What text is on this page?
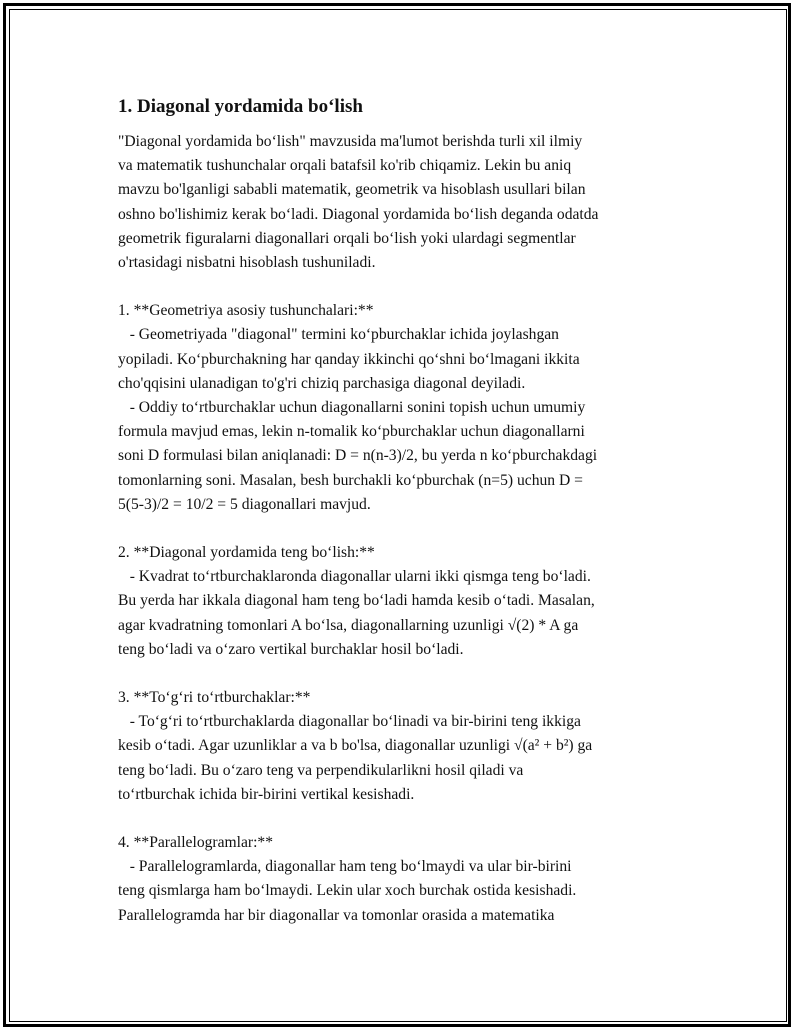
1. Diagonal yordamida bo‘lish

"Diagonal yordamida bo‘lish" mavzusida ma'lumot berishda turli xil ilmiy
va matematik tushunchalar orqali batafsil ko'rib chiqamiz. Lekin bu aniq
mavzu bo'lganligi sababli matematik, geometrik va hisoblash usullari bilan
oshno bo'lishimiz kerak bo‘ladi. Diagonal yordamida bo‘lish deganda odatda
geometrik figuralarni diagonallari orqali bo‘lish yoki ulardagi segmentlar
o'rtasidagi nisbatni hisoblash tushuniladi.

1. **Geometriya asosiy tushunchalari:**
- Geometriyada "diagonal" termini ko‘pburchaklar ichida joylashgan
yopiladi. Ko‘pburchakning har qanday ikkinchi qo‘shni bo‘lmagani ikkita
cho'qqisini ulanadigan to'g'ri chiziq parchasiga diagonal deyiladi.
- Oddiy to‘rtburchaklar uchun diagonallarni sonini topish uchun umumiy
formula mavjud emas, lekin n-tomalik ko‘pburchaklar uchun diagonallarni
soni D formulasi bilan aniqlanadi: D = n(n-3)/2, bu yerda n ko‘pburchakdagi
tomonlarning soni. Masalan, besh burchakli ko‘pburchak (n=5) uchun D =
5(5-3)/2 = 10/2 = 5 diagonallari mavjud.

2. **Diagonal yordamida teng bo‘lish:**
- Kvadrat to‘rtburchaklaronda diagonallar ularni ikki qismga teng bo‘ladi.
Bu yerda har ikkala diagonal ham teng bo‘ladi hamda kesib o‘tadi. Masalan,
agar kvadratning tomonlari A bo‘lsa, diagonallarning uzunligi √(2) * A ga
teng bo‘ladi va o‘zaro vertikal burchaklar hosil bo‘ladi.

3. **To‘g‘ri to‘rtburchaklar:**
- To‘g‘ri to‘rtburchaklarda diagonallar bo‘linadi va bir-birini teng ikkiga
kesib o‘tadi. Agar uzunliklar a va b bo'lsa, diagonallar uzunligi √(a² + b²) ga
teng bo‘ladi. Bu o‘zaro teng va perpendikularlikni hosil qiladi va
to‘rtburchak ichida bir-birini vertikal kesishadi.

4. **Parallelogramlar:**
- Parallelogramlarda, diagonallar ham teng bo‘lmaydi va ular bir-birini
teng qismlarga ham bo‘lmaydi. Lekin ular xoch burchak ostida kesishadi.
Parallelogramda har bir diagonallar va tomonlar orasida a matematika
